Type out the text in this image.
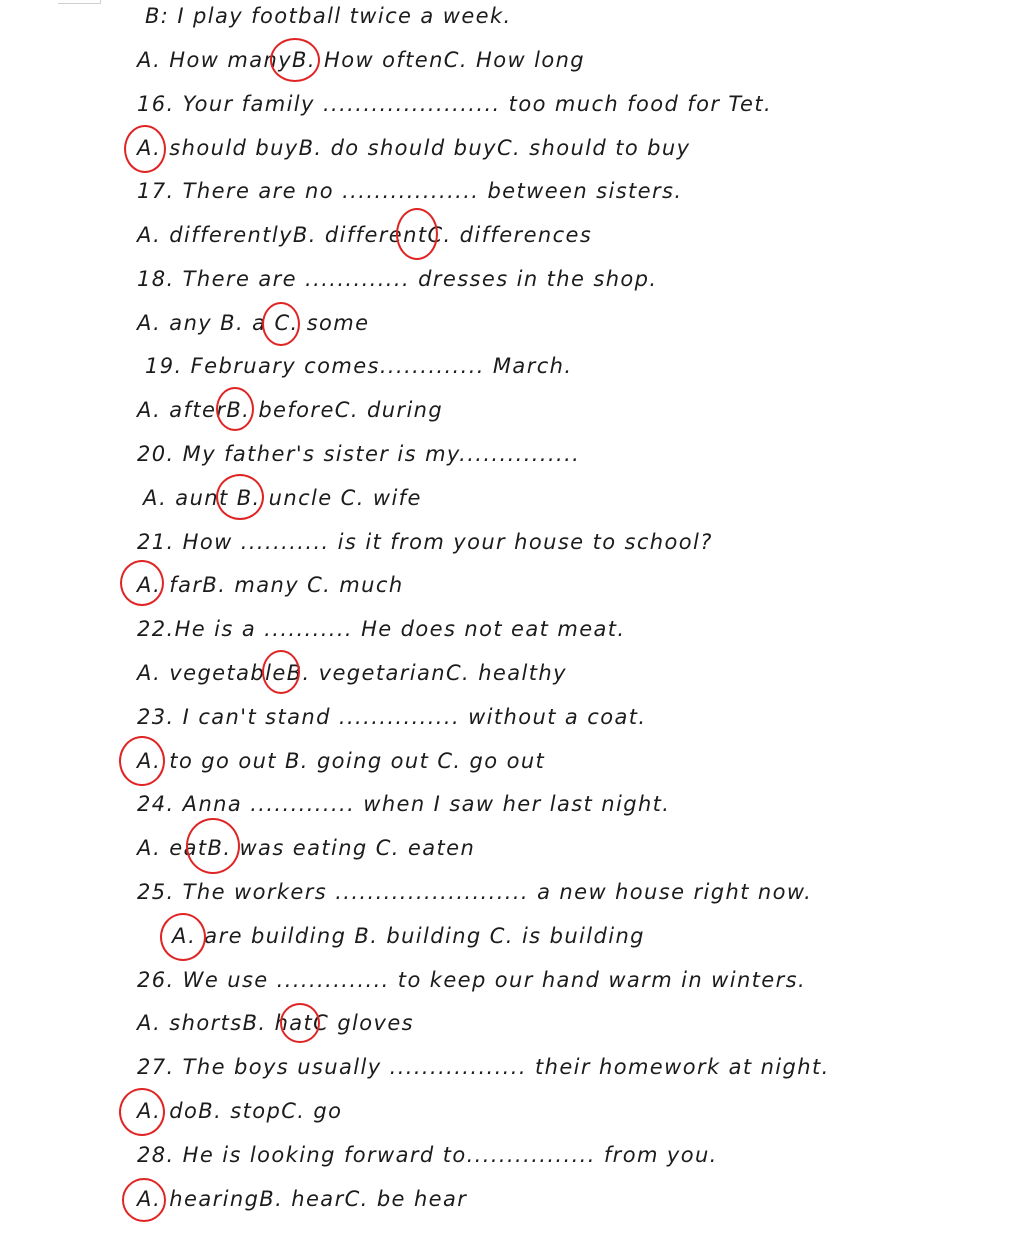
B: I play football twice a week.
A. How manyB. How oftenC. How long
16. Your family ...................... too much food for Tet.
A. should buyB. do should buyC. should to buy
17. There are no ................. between sisters.
A. differentlyB. differentC. differences
18. There are ............. dresses in the shop.
A. any B. a C. some
19. February comes............. March.
A. afterB. beforeC. during
20. My father's sister is my...............
A. aunt B. uncle C. wife
21. How ........... is it from your house to school?
A. farB. many C. much
22.He is a ........... He does not eat meat.
A. vegetableB. vegetarianC. healthy
23. I can't stand ............... without a coat.
A. to go out B. going out C. go out
24. Anna ............. when I saw her last night.
A. eatB. was eating C. eaten
25. The workers ........................ a new house right now.
A. are building B. building C. is building
26. We use .............. to keep our hand warm in winters.
A. shortsB. hatC gloves
27. The boys usually ................. their homework at night.
A. doB. stopC. go
28. He is looking forward to................ from you.
A. hearingB. hearC. be hear
